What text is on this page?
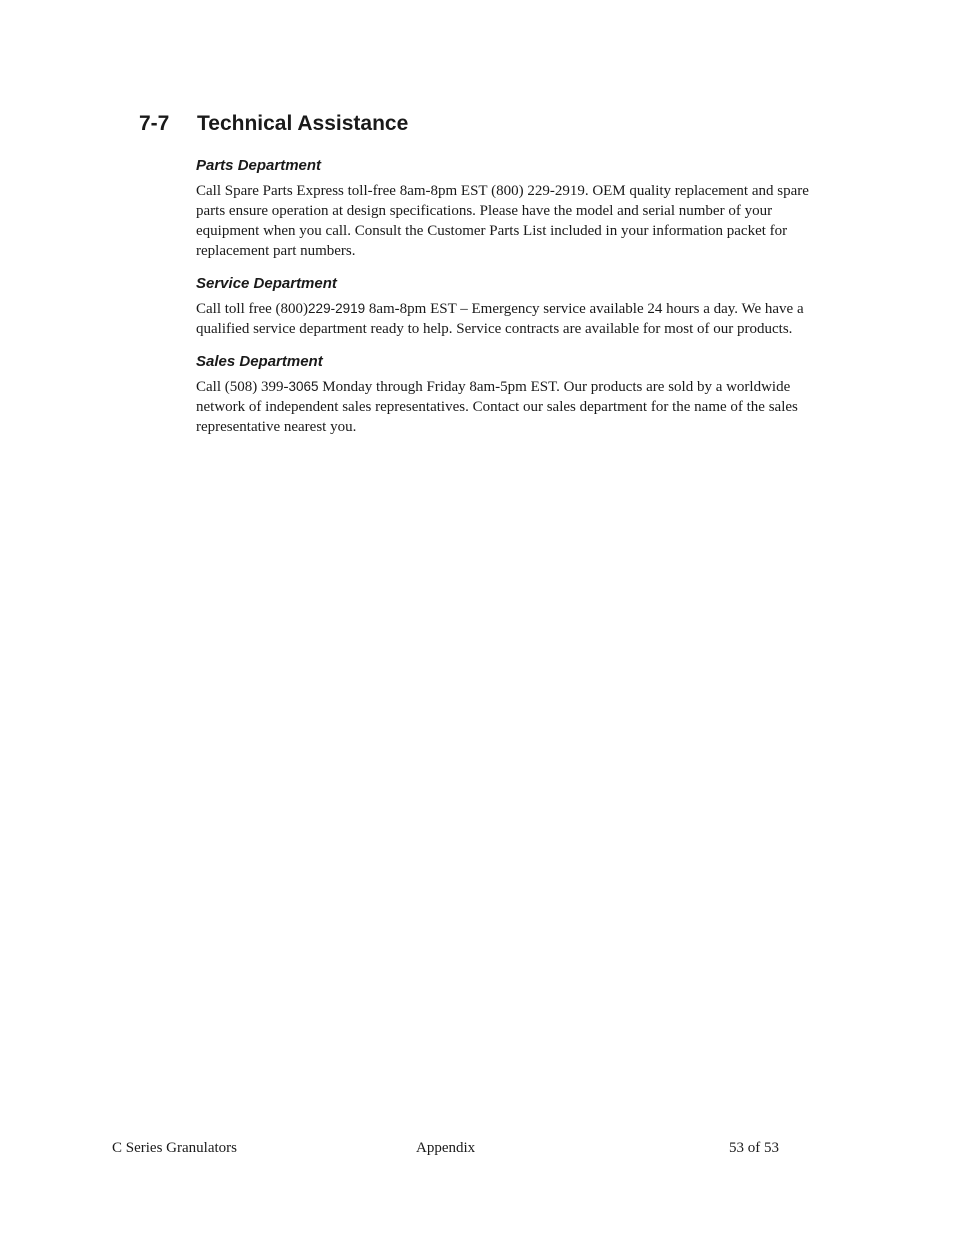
7-7 Technical Assistance
Parts Department

Call Spare Parts Express toll-free 8am-8pm EST (800) 229-2919. OEM quality replacement and spare parts ensure operation at design specifications. Please have the model and serial number of your equipment when you call. Consult the Customer Parts List included in your information packet for replacement part numbers.

Service Department

Call toll free (800)229-2919 8am-8pm EST – Emergency service available 24 hours a day. We have a qualified service department ready to help. Service contracts are available for most of our products.

Sales Department

Call (508) 399-3065 Monday through Friday 8am-5pm EST. Our products are sold by a worldwide network of independent sales representatives. Contact our sales department for the name of the sales representative nearest you.

C Series Granulators	Appendix	53 of 53
